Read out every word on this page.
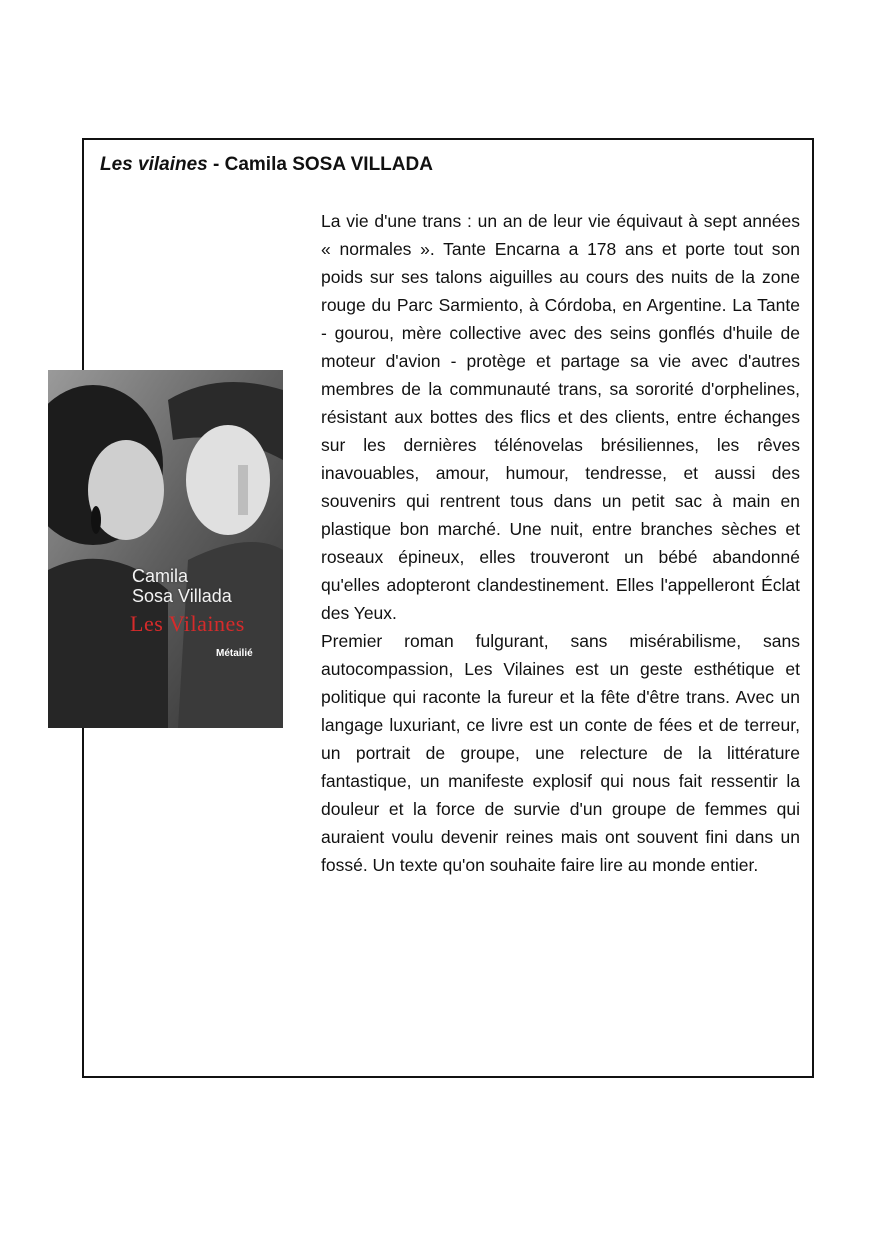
Les vilaines - Camila SOSA VILLADA

La vie d'une trans : un an de leur vie équivaut à sept années « normales ». Tante Encarna a 178 ans et porte tout son poids sur ses talons aiguilles au cours des nuits de la zone rouge du Parc Sarmiento, à Córdoba, en Argentine. La Tante - gourou, mère collective avec des seins gonflés d'huile de moteur d'avion - protège et partage sa vie avec d'autres membres de la communauté trans, sa sororité d'orphelines, résistant aux bottes des flics et des clients, entre échanges sur les dernières télénovelas brésiliennes, les rêves inavouables, amour, humour, tendresse, et aussi des souvenirs qui rentrent tous dans un petit sac à main en plastique bon marché. Une nuit, entre branches sèches et roseaux épineux, elles trouveront un bébé abandonné qu'elles adopteront clandestinement. Elles l'appelleront Éclat des Yeux.

Premier roman fulgurant, sans misérabilisme, sans autocompassion, Les Vilaines est un geste esthétique et politique qui raconte la fureur et la fête d'être trans. Avec un langage luxuriant, ce livre est un conte de fées et de terreur, un portrait de groupe, une relecture de la littérature fantastique, un manifeste explosif qui nous fait ressentir la douleur et la force de survie d'un groupe de femmes qui auraient voulu devenir reines mais ont souvent fini dans un fossé. Un texte qu'on souhaite faire lire au monde entier.

Camila
Sosa Villada
Les Vilaines
Métailié
